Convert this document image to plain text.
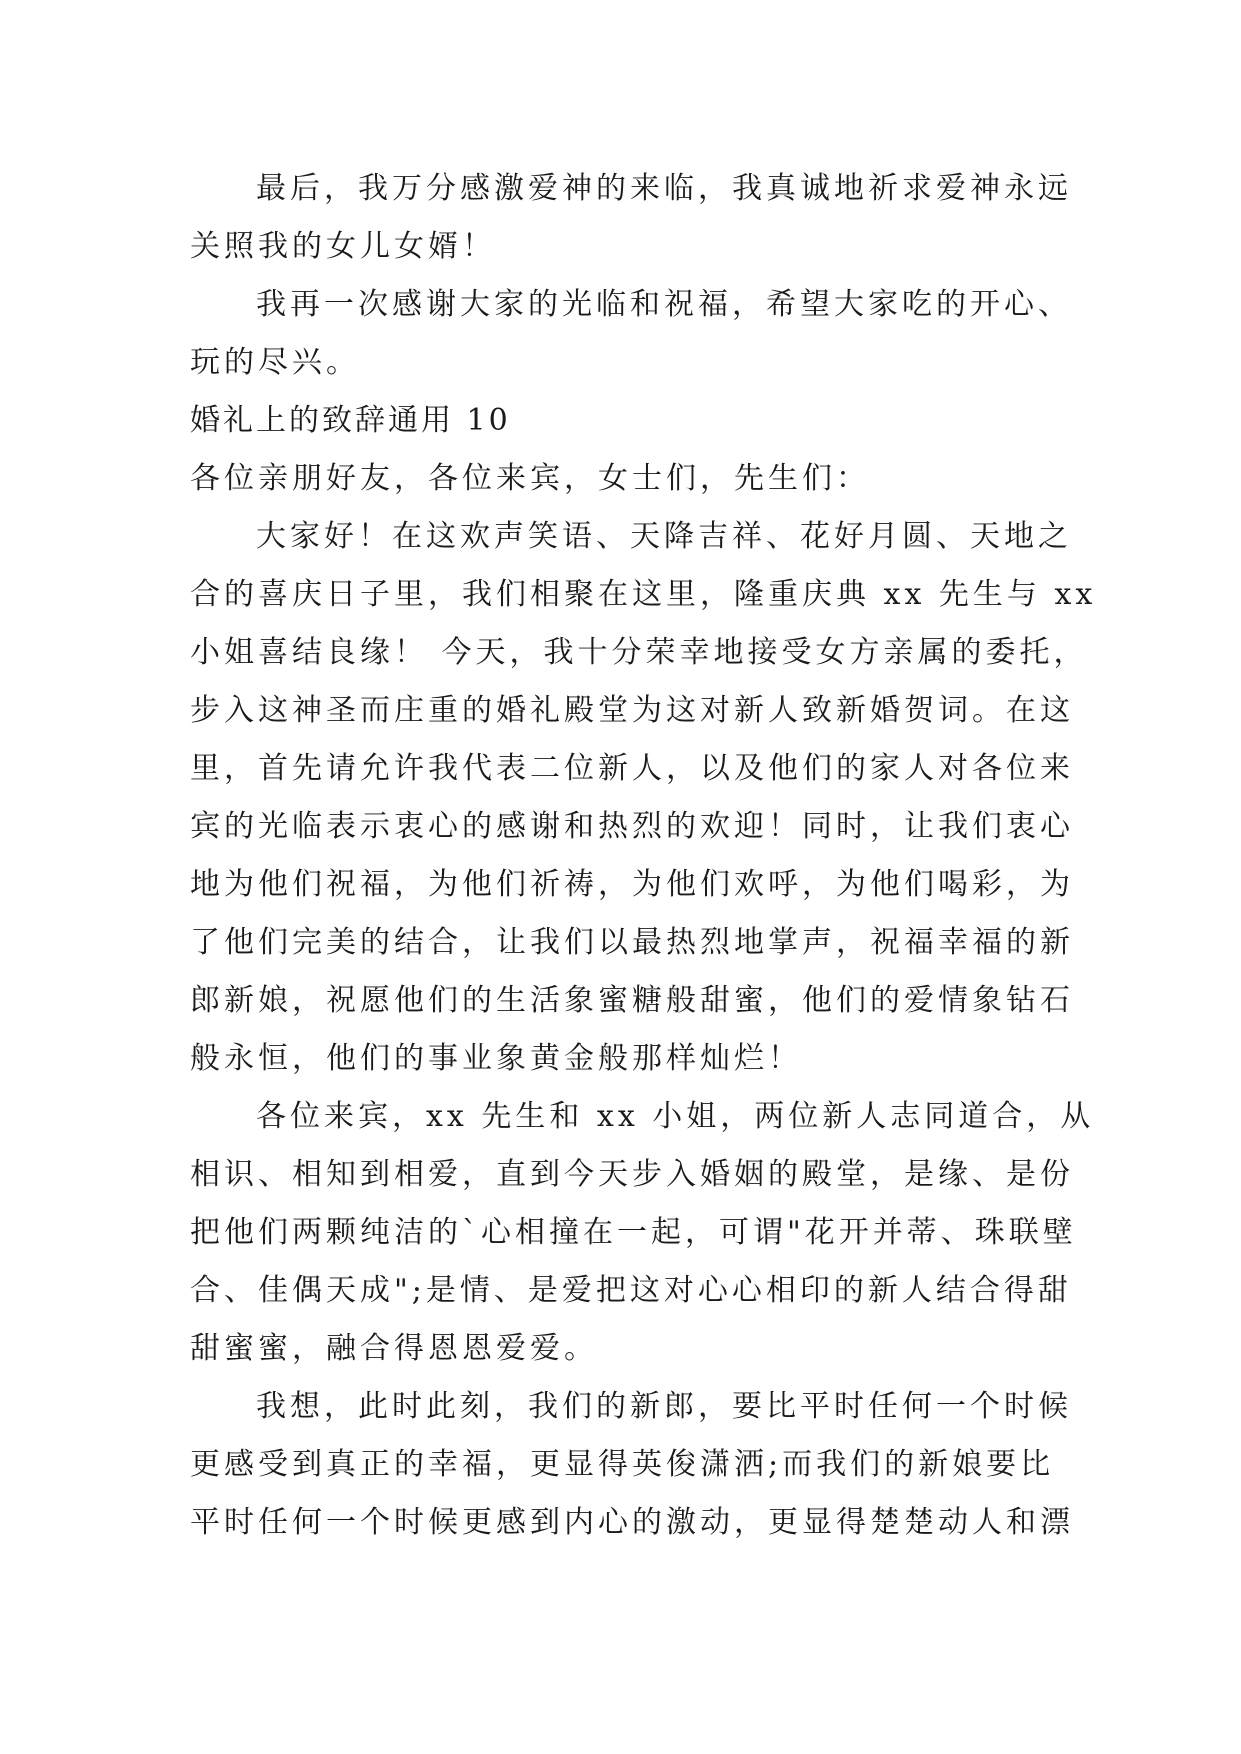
最后，我万分感激爱神的来临，我真诚地祈求爱神永远
关照我的女儿女婿！
我再一次感谢大家的光临和祝福，希望大家吃的开心、
玩的尽兴。
婚礼上的致辞通用 10
各位亲朋好友，各位来宾，女士们，先生们：
大家好！在这欢声笑语、天降吉祥、花好月圆、天地之
合的喜庆日子里，我们相聚在这里，隆重庆典 xx 先生与 xx
小姐喜结良缘！ 今天，我十分荣幸地接受女方亲属的委托，
步入这神圣而庄重的婚礼殿堂为这对新人致新婚贺词。在这
里，首先请允许我代表二位新人，以及他们的家人对各位来
宾的光临表示衷心的感谢和热烈的欢迎！同时，让我们衷心
地为他们祝福，为他们祈祷，为他们欢呼，为他们喝彩，为
了他们完美的结合，让我们以最热烈地掌声，祝福幸福的新
郎新娘，祝愿他们的生活象蜜糖般甜蜜，他们的爱情象钻石
般永恒，他们的事业象黄金般那样灿烂！
各位来宾，xx 先生和 xx 小姐，两位新人志同道合，从
相识、相知到相爱，直到今天步入婚姻的殿堂，是缘、是份
把他们两颗纯洁的`心相撞在一起，可谓"花开并蒂、珠联壁
合、佳偶天成";是情、是爱把这对心心相印的新人结合得甜
甜蜜蜜，融合得恩恩爱爱。
我想，此时此刻，我们的新郎，要比平时任何一个时候
更感受到真正的幸福，更显得英俊潇洒;而我们的新娘要比
平时任何一个时候更感到内心的激动，更显得楚楚动人和漂
